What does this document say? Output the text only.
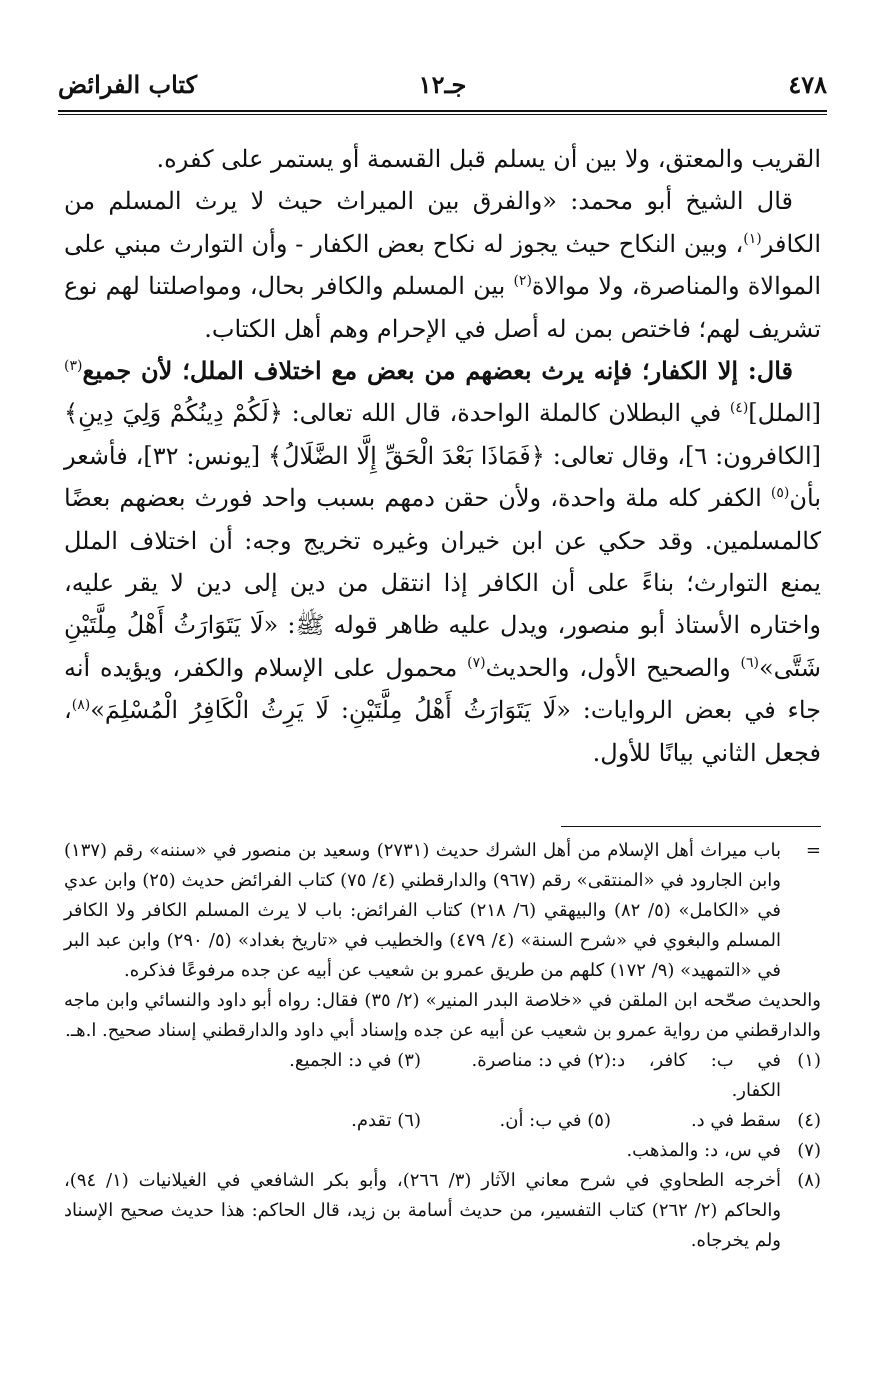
٤٧٨
جـ١٢
كتاب الفرائض

القريب والمعتق، ولا بين أن يسلم قبل القسمة أو يستمر على كفره.

قال الشيخ أبو محمد: «والفرق بين الميراث حيث لا يرث المسلم من الكافر$^{(١)}$، وبين النكاح حيث يجوز له نكاح بعض الكفار - وأن التوارث مبني على الموالاة والمناصرة، ولا موالاة$^{(٢)}$ بين المسلم والكافر بحال، ومواصلتنا لهم نوع تشريف لهم؛ فاختص بمن له أصل في الإحرام وهم أهل الكتاب.

قال: إلا الكفار؛ فإنه يرث بعضهم من بعض مع اختلاف الملل؛ لأن جميع$^{(٣)}$ [الملل]$^{(٤)}$ في البطلان كالملة الواحدة، قال الله تعالى: ﴿لَكُمْ دِينُكُمْ وَلِيَ دِينِ﴾ [الكافرون: ٦]، وقال تعالى: ﴿فَمَاذَا بَعْدَ الْحَقِّ إِلَّا الضَّلَالُ﴾ [يونس: ٣٢]، فأشعر بأن$^{(٥)}$ الكفر كله ملة واحدة، ولأن حقن دمهم بسبب واحد فورث بعضهم بعضًا كالمسلمين. وقد حكي عن ابن خيران وغيره تخريج وجه: أن اختلاف الملل يمنع التوارث؛ بناءً على أن الكافر إذا انتقل من دين إلى دين لا يقر عليه، واختاره الأستاذ أبو منصور، ويدل عليه ظاهر قوله ﷺ: «لَا يَتَوَارَثُ أَهْلُ مِلَّتَيْنِ شَتَّى»$^{(٦)}$ والصحيح الأول، والحديث$^{(٧)}$ محمول على الإسلام والكفر، ويؤيده أنه جاء في بعض الروايات: «لَا يَتَوَارَثُ أَهْلُ مِلَّتَيْنِ: لَا يَرِثُ الْكَافِرُ الْمُسْلِمَ»$^{(٨)}$، فجعل الثاني بيانًا للأول.

=
باب ميراث أهل الإسلام من أهل الشرك حديث (٢٧٣١) وسعيد بن منصور في «سننه» رقم (١٣٧) وابن الجارود في «المنتقى» رقم (٩٦٧) والدارقطني (٤/ ٧٥) كتاب الفرائض حديث (٢٥) وابن عدي في «الكامل» (٥/ ٨٢) والبيهقي (٦/ ٢١٨) كتاب الفرائض: باب لا يرث المسلم الكافر ولا الكافر المسلم والبغوي في «شرح السنة» (٤/ ٤٧٩) والخطيب في «تاريخ بغداد» (٥/ ٢٩٠) وابن عبد البر في «التمهيد» (٩/ ١٧٢) كلهم من طريق عمرو بن شعيب عن أبيه عن جده مرفوعًا فذكره.
والحديث صحّحه ابن الملقن في «خلاصة البدر المنير» (٢/ ٣٥) فقال: رواه أبو داود والنسائي وابن ماجه والدارقطني من رواية عمرو بن شعيب عن أبيه عن جده وإسناد أبي داود والدارقطني إسناد صحيح. ا.هـ.
(١)
في ب: كافر، د: الكفار.
(٢) في د: مناصرة.
(٣) في د: الجميع.
(٤)
سقط في د.
(٥) في ب: أن.
(٦) تقدم.
(٧)
في س، د: والمذهب.
(٨)
أخرجه الطحاوي في شرح معاني الآثار (٣/ ٢٦٦)، وأبو بكر الشافعي في الغيلانيات (١/ ٩٤)، والحاكم (٢/ ٢٦٢) كتاب التفسير، من حديث أسامة بن زيد، قال الحاكم: هذا حديث صحيح الإسناد ولم يخرجاه.
